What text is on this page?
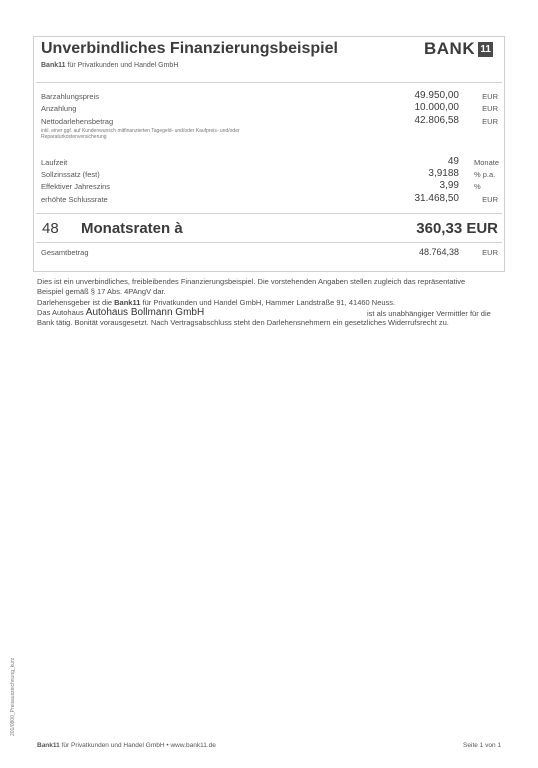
Unverbindliches Finanzierungsbeispiel
Bank11 für Privatkunden und Handel GmbH
BANK 11
Barzahlungspreis	49.950,00	EUR
Anzahlung	10.000,00	EUR
Nettodarlehensbetrag	42.806,58	EUR
inkl. einer ggf. auf Kundenwunsch mitfinanzierten Tagegeld- und/oder Kaufpreis- und/oder Reparaturkostenversicherung
Laufzeit	49 Monate
Sollzinssatz (fest)	3,9188 % p.a.
Effektiver Jahreszins	3,99 %
erhöhte Schlussrate	31.468,50	EUR
48 Monatsraten à	360,33 EUR
Gesamtbetrag	48.764,38	EUR
Dies ist ein unverbindliches, freibleibendes Finanzierungsbeispiel. Die vorstehenden Angaben stellen zugleich das repräsentative
Beispiel gemäß § 17 Abs. 4PAngV dar.
Darlehensgeber ist die Bank11 für Privatkunden und Handel GmbH, Hammer Landstraße 91, 41460 Neuss.
Das Autohaus Autohaus Bollmann GmbH	ist als unabhängiger Vermittler für die
Bank tätig. Bonität vorausgesetzt. Nach Vertragsabschluss steht den Darlehensnehmern ein gesetzliches Widerrufsrecht zu.
201/0800_Preisauszeichnung_kurz
Bank11 für Privatkunden und Handel GmbH • www.bank11.de	Seite 1 von 1
